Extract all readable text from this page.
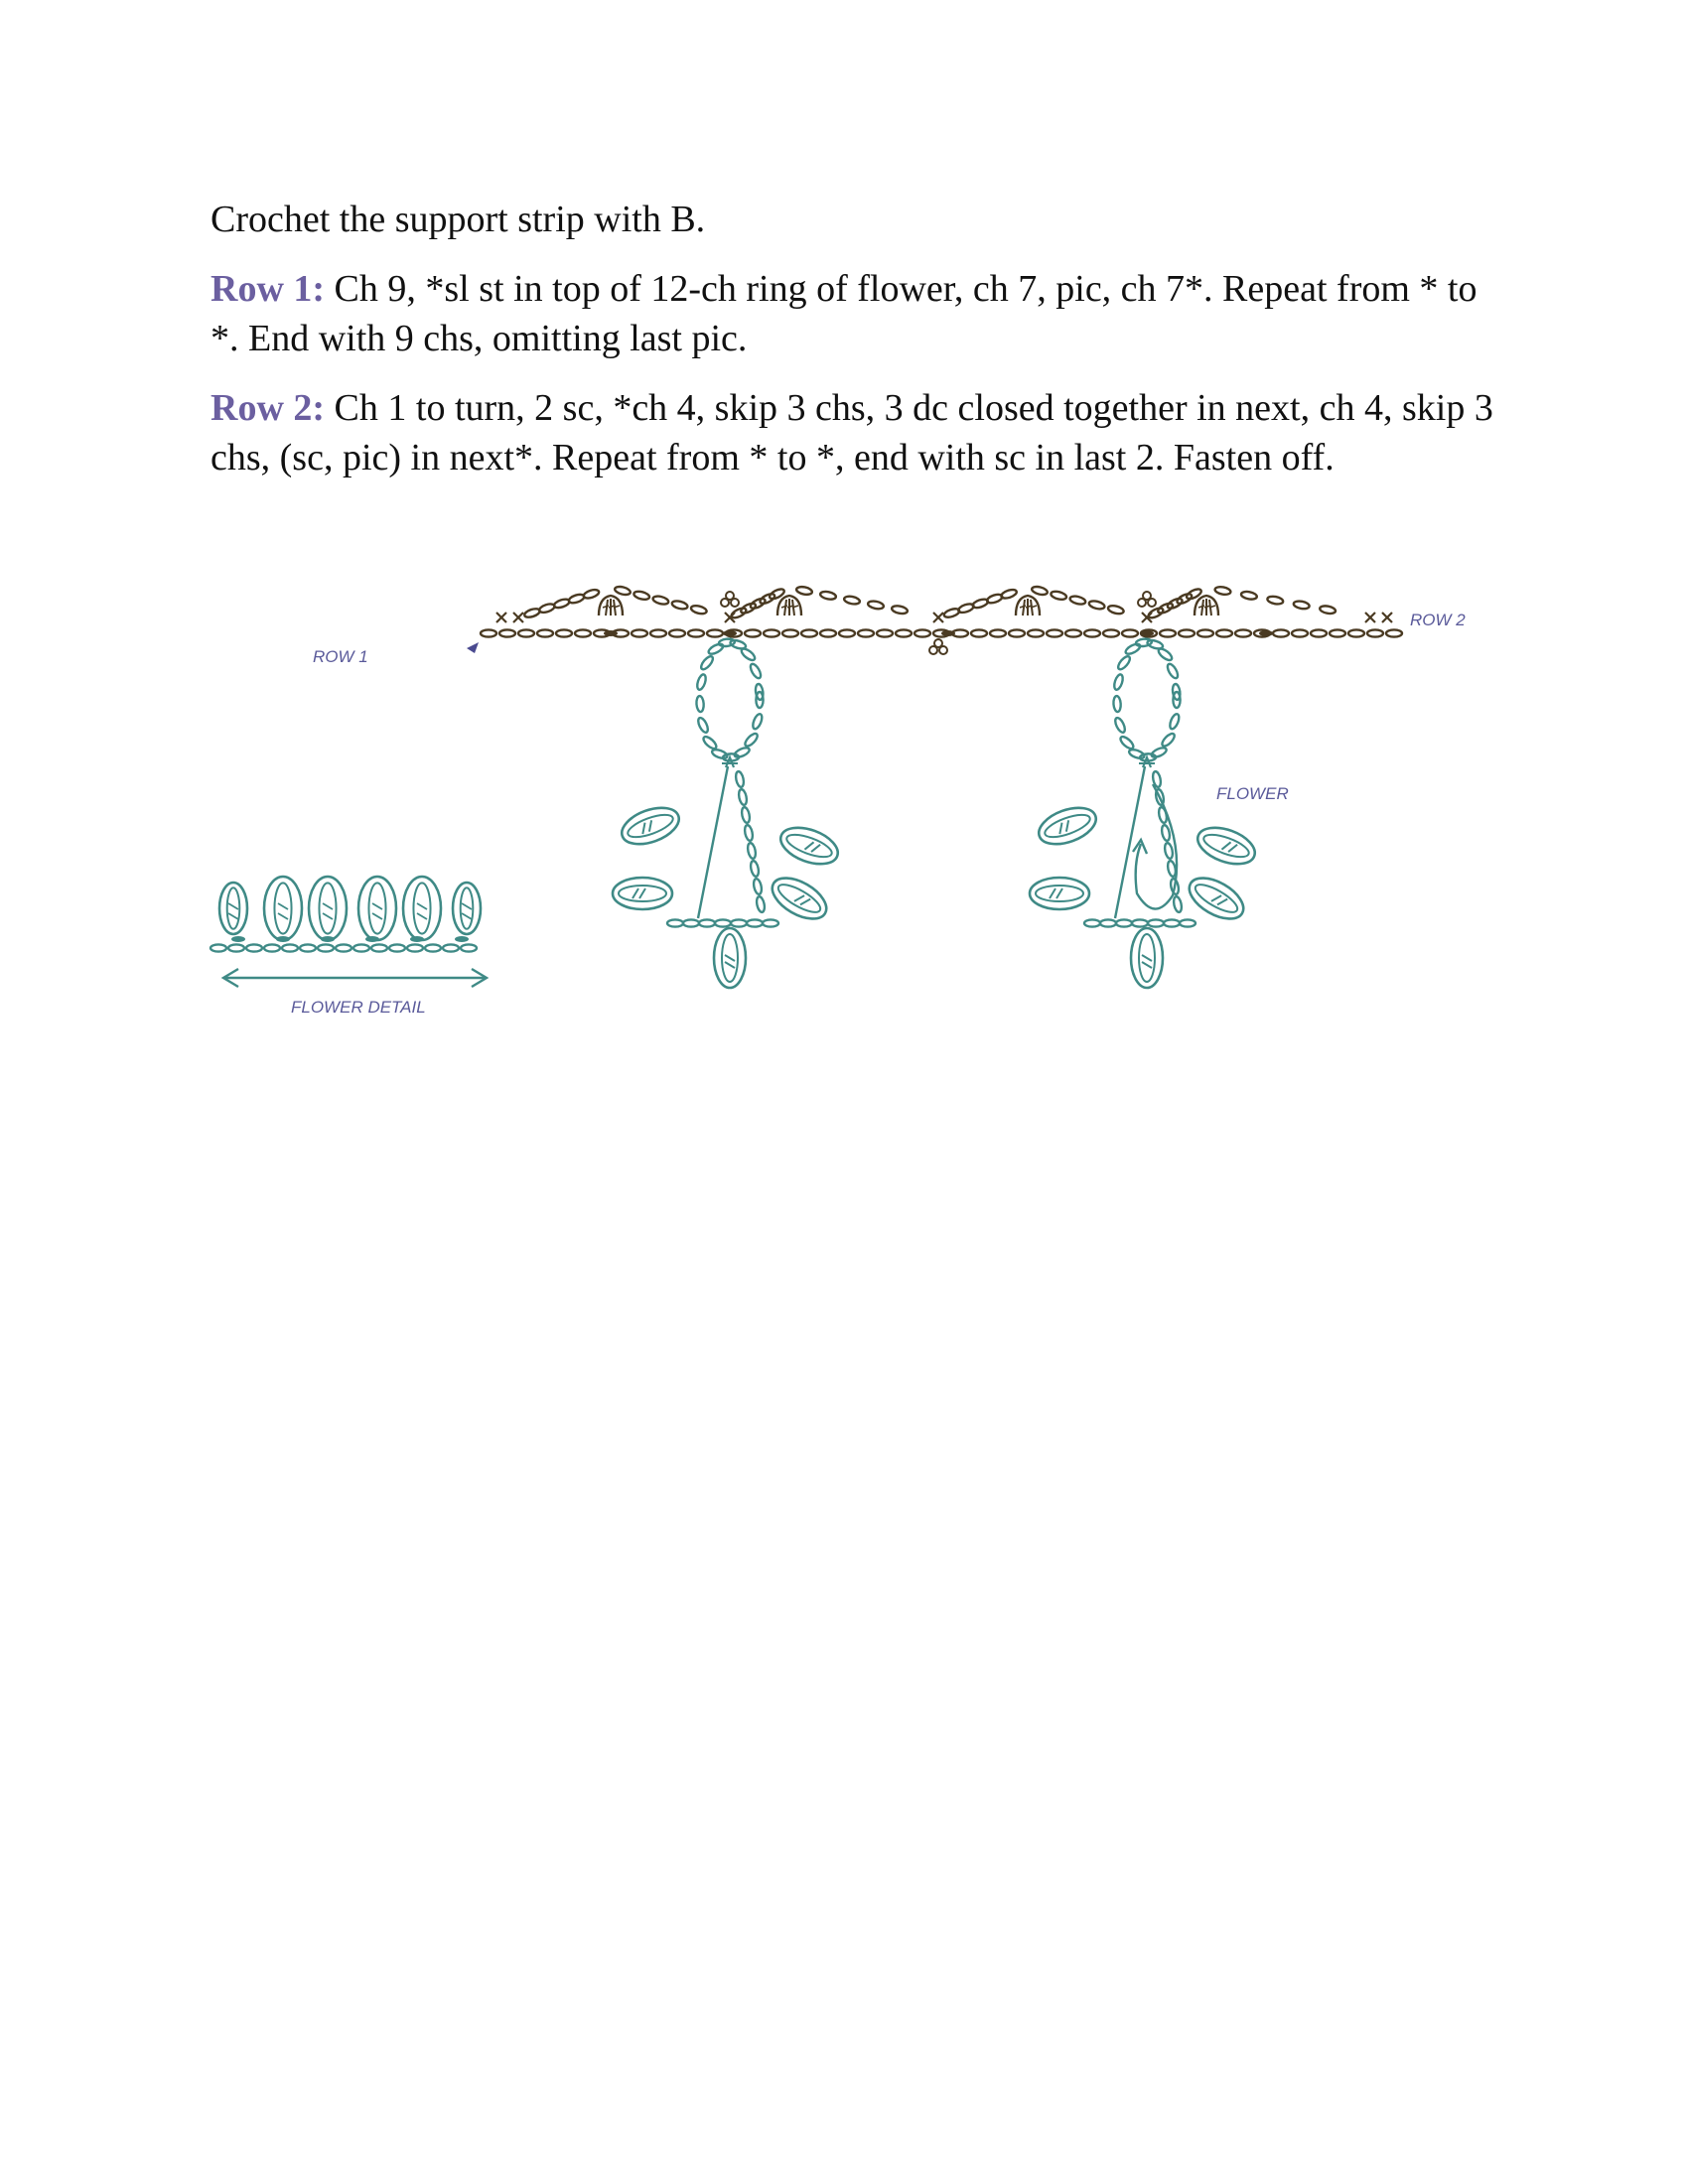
Crochet the support strip with B.

Row 1: Ch 9, *sl st in top of 12-ch ring of flower, ch 7, pic, ch 7*. Repeat from * to *. End with 9 chs, omitting last pic.

Row 2: Ch 1 to turn, 2 sc, *ch 4, skip 3 chs, 3 dc closed together in next, ch 4, skip 3 chs, (sc, pic) in next*. Repeat from * to *, end with sc in last 2. Fasten off.

ROW 1
ROW 2
FLOWER
FLOWER DETAIL
